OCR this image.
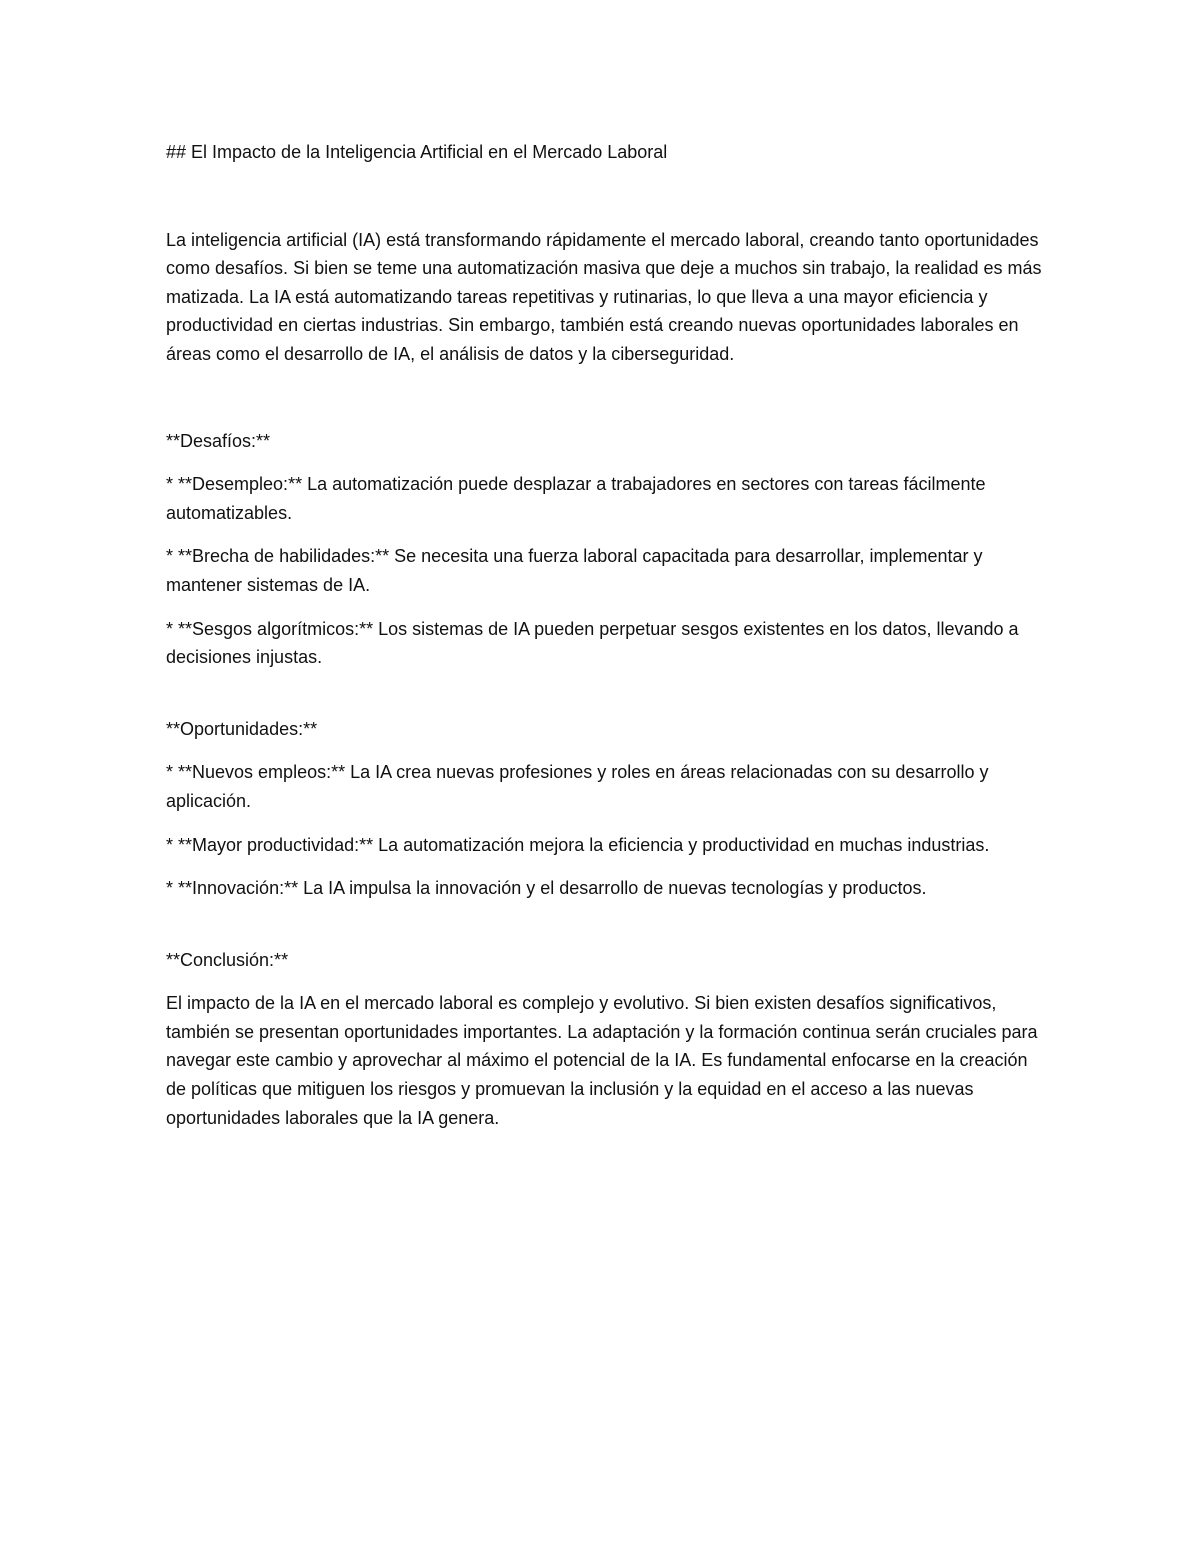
## El Impacto de la Inteligencia Artificial en el Mercado Laboral

La inteligencia artificial (IA) está transformando rápidamente el mercado laboral, creando tanto oportunidades como desafíos. Si bien se teme una automatización masiva que deje a muchos sin trabajo, la realidad es más matizada. La IA está automatizando tareas repetitivas y rutinarias, lo que lleva a una mayor eficiencia y productividad en ciertas industrias. Sin embargo, también está creando nuevas oportunidades laborales en áreas como el desarrollo de IA, el análisis de datos y la ciberseguridad.

**Desafíos:**

* **Desempleo:** La automatización puede desplazar a trabajadores en sectores con tareas fácilmente automatizables.

* **Brecha de habilidades:** Se necesita una fuerza laboral capacitada para desarrollar, implementar y mantener sistemas de IA.

* **Sesgos algorítmicos:** Los sistemas de IA pueden perpetuar sesgos existentes en los datos, llevando a decisiones injustas.

**Oportunidades:**

* **Nuevos empleos:** La IA crea nuevas profesiones y roles en áreas relacionadas con su desarrollo y aplicación.

* **Mayor productividad:** La automatización mejora la eficiencia y productividad en muchas industrias.

* **Innovación:** La IA impulsa la innovación y el desarrollo de nuevas tecnologías y productos.

**Conclusión:**

El impacto de la IA en el mercado laboral es complejo y evolutivo. Si bien existen desafíos significativos, también se presentan oportunidades importantes. La adaptación y la formación continua serán cruciales para navegar este cambio y aprovechar al máximo el potencial de la IA. Es fundamental enfocarse en la creación de políticas que mitiguen los riesgos y promuevan la inclusión y la equidad en el acceso a las nuevas oportunidades laborales que la IA genera.
